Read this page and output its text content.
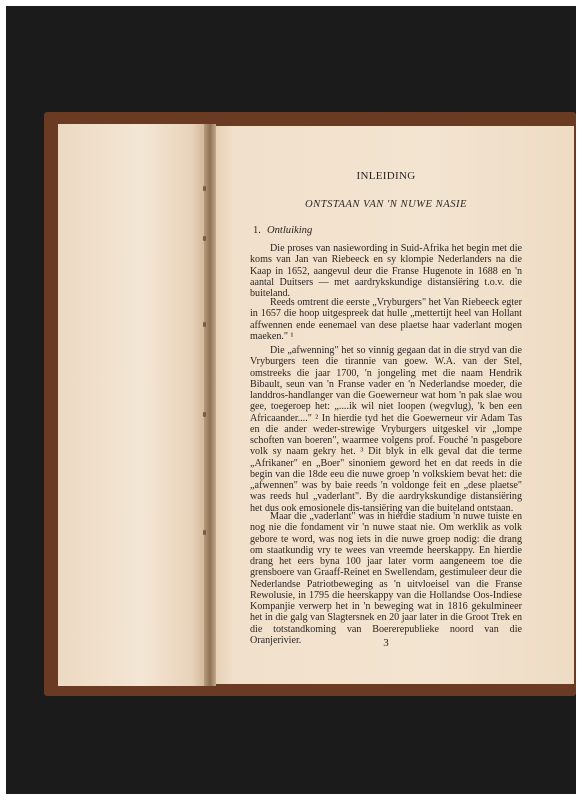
INLEIDING
ONTSTAAN VAN 'N NUWE NASIE
1. Ontluiking

Die proses van nasiewording in Suid-Afrika het begin met die koms van Jan van Riebeeck en sy klompie Nederlanders na die Kaap in 1652, aangevul deur die Franse Hugenote in 1688 en 'n aantal Duitsers — met aardrykskundige distansiëring t.o.v. die buiteland.

Reeds omtrent die eerste „Vryburgers" het Van Riebeeck egter in 1657 die hoop uitgespreek dat hulle „mettertijt heel van Hollant affwennen ende eenemael van dese plaetse haar vaderlant mogen maeken." ¹

Die „afwenning" het so vinnig gegaan dat in die stryd van die Vryburgers teen die tirannie van goew. W.A. van der Stel, omstreeks die jaar 1700, 'n jongeling met die naam Hendrik Bibault, seun van 'n Franse vader en 'n Nederlandse moeder, die landdros-handlanger van die Goewerneur wat hom 'n pak slae wou gee, toegeroep het: „....ik wil niet loopen (wegvlug), 'k ben een Africaander...." ² In hierdie tyd het die Goewerneur vir Adam Tas en die ander weder-strewige Vryburgers uitgeskel vir „lompe schoften van boeren", waarmee volgens prof. Fouché 'n pasgebore volk sy naam gekry het. ³ Dit blyk in elk geval dat die terme „Afrikaner" en „Boer" sinoniem geword het en dat reeds in die begin van die 18de eeu die nuwe groep 'n volkskiem bevat het: die „afwennen" was by baie reeds 'n voldonge feit en „dese plaetse" was reeds hul „vaderlant". By die aardrykskundige distansiëring het dus ook emosionele dis-tansiëring van die buiteland ontstaan.

Maar die „vaderlant" was in hierdie stadium 'n nuwe tuiste en nog nie die fondament vir 'n nuwe staat nie. Om werklik as volk gebore te word, was nog iets in die nuwe groep nodig: die drang om staatkundig vry te wees van vreemde heerskappy. En hierdie drang het eers byna 100 jaar later vorm aangeneem toe die grensboere van Graaff-Reinet en Swellendam, gestimuleer deur die Nederlandse Patriotbeweging as 'n uitvloeisel van die Franse Rewolusie, in 1795 die heerskappy van die Hollandse Oos-Indiese Kompanjie verwerp het in 'n beweging wat in 1816 gekulmineer het in die galg van Slagtersnek en 20 jaar later in die Groot Trek en die totstandkoming van Boererepublieke noord van die Oranjerivier.	3
